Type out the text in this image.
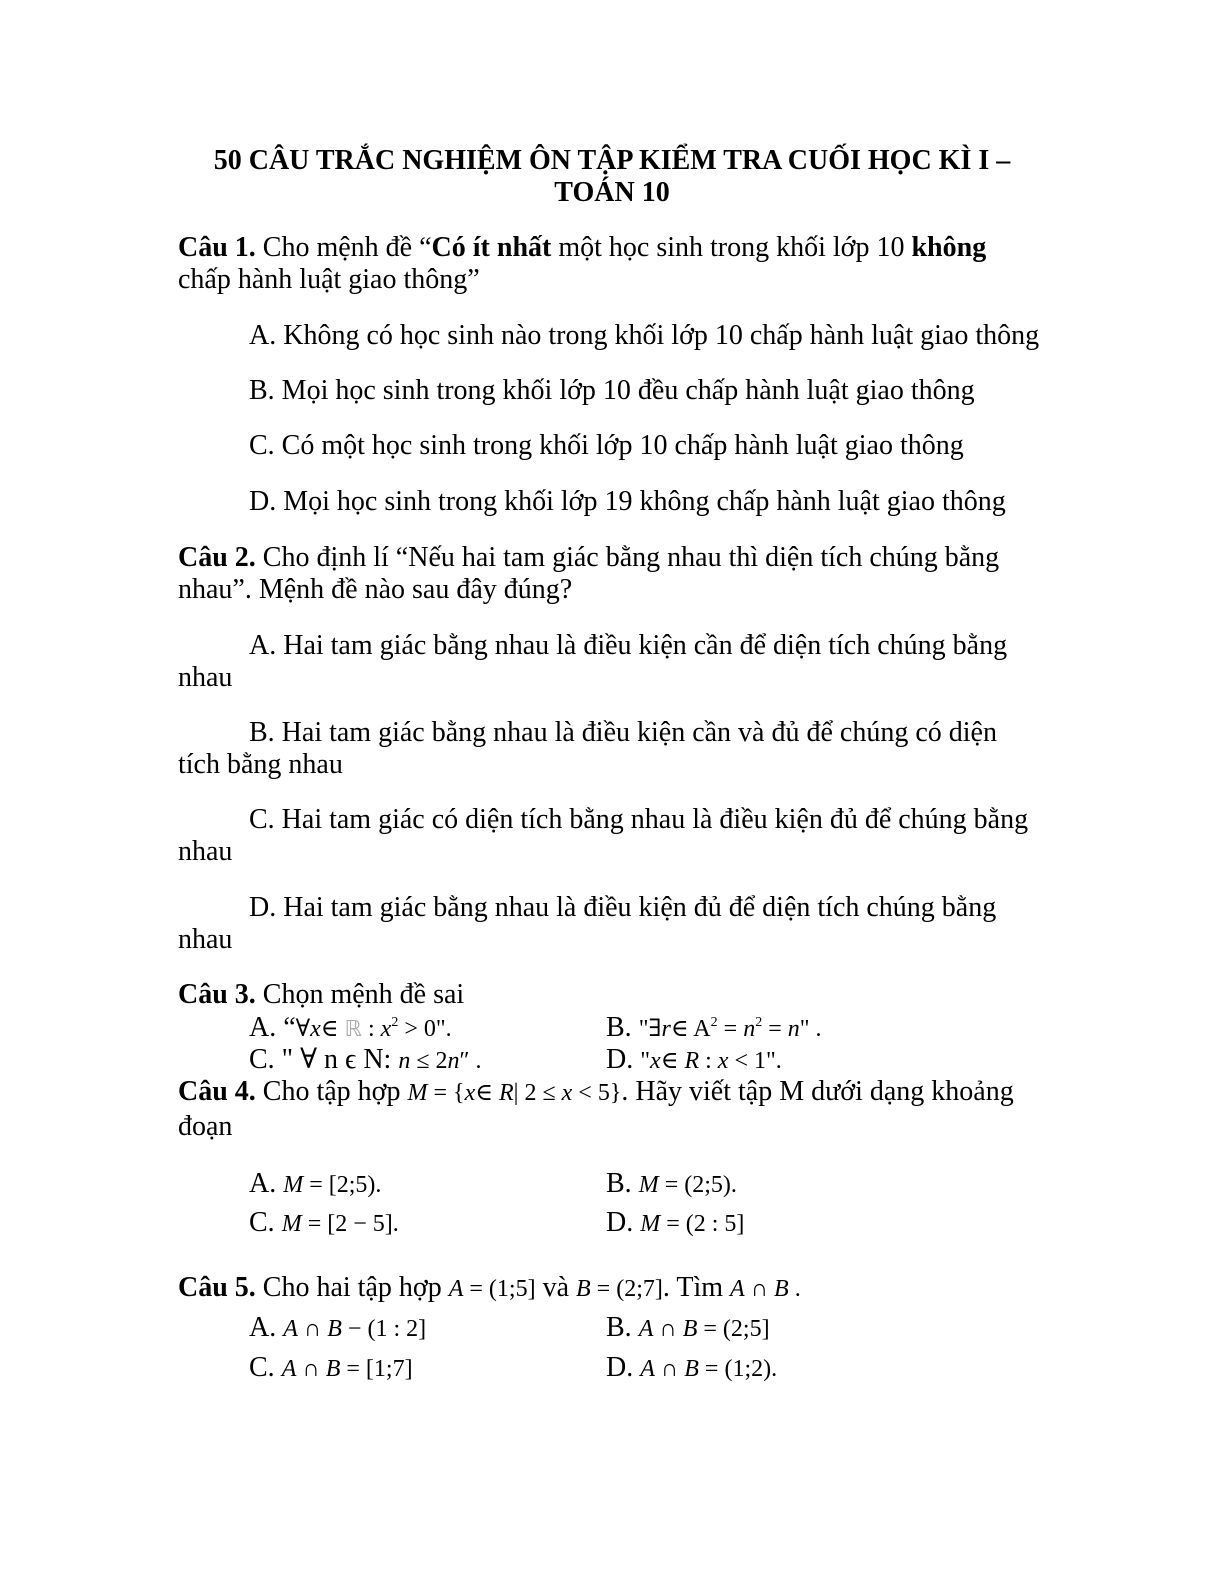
50 CÂU TRẮC NGHIỆM ÔN TẬP KIỂM TRA CUỐI HỌC KÌ I –
TOÁN 10
Câu 1. Cho mệnh đề “Có ít nhất một học sinh trong khối lớp 10 không
chấp hành luật giao thông”
A. Không có học sinh nào trong khối lớp 10 chấp hành luật giao thông
B. Mọi học sinh trong khối lớp 10 đều chấp hành luật giao thông
C. Có một học sinh trong khối lớp 10 chấp hành luật giao thông
D. Mọi học sinh trong khối lớp 19 không chấp hành luật giao thông
Câu 2. Cho định lí “Nếu hai tam giác bằng nhau thì diện tích chúng bằng
nhau”. Mệnh đề nào sau đây đúng?
A. Hai tam giác bằng nhau là điều kiện cần để diện tích chúng bằng
nhau
B. Hai tam giác bằng nhau là điều kiện cần và đủ để chúng có diện
tích bằng nhau
C. Hai tam giác có diện tích bằng nhau là điều kiện đủ để chúng bằng
nhau
D. Hai tam giác bằng nhau là điều kiện đủ để diện tích chúng bằng
nhau
Câu 3. Chọn mệnh đề sai
A. “∀x∈ ℝ : $x^2 > 0$".	B. "∃r∈ $A^2 = n^2 = n$" .
C. " ∀ n ϵ N: n ≤ 2n″ .	D. "x∈ R : x < 1".
Câu 4. Cho tập hợp M = {x∈ R| 2 ≤ x < 5}. Hãy viết tập M dưới dạng khoảng
đoạn
A. M = [2;5).	B. M = (2;5).
C. M = [2 − 5].	D. M = (2 : 5]
Câu 5. Cho hai tập hợp A = (1;5] và B = (2;7]. Tìm A ∩ B .
A. A ∩ B − (1 : 2]	B. A ∩ B = (2;5]
C. A ∩ B = [1;7]	D. A ∩ B = (1;2).
